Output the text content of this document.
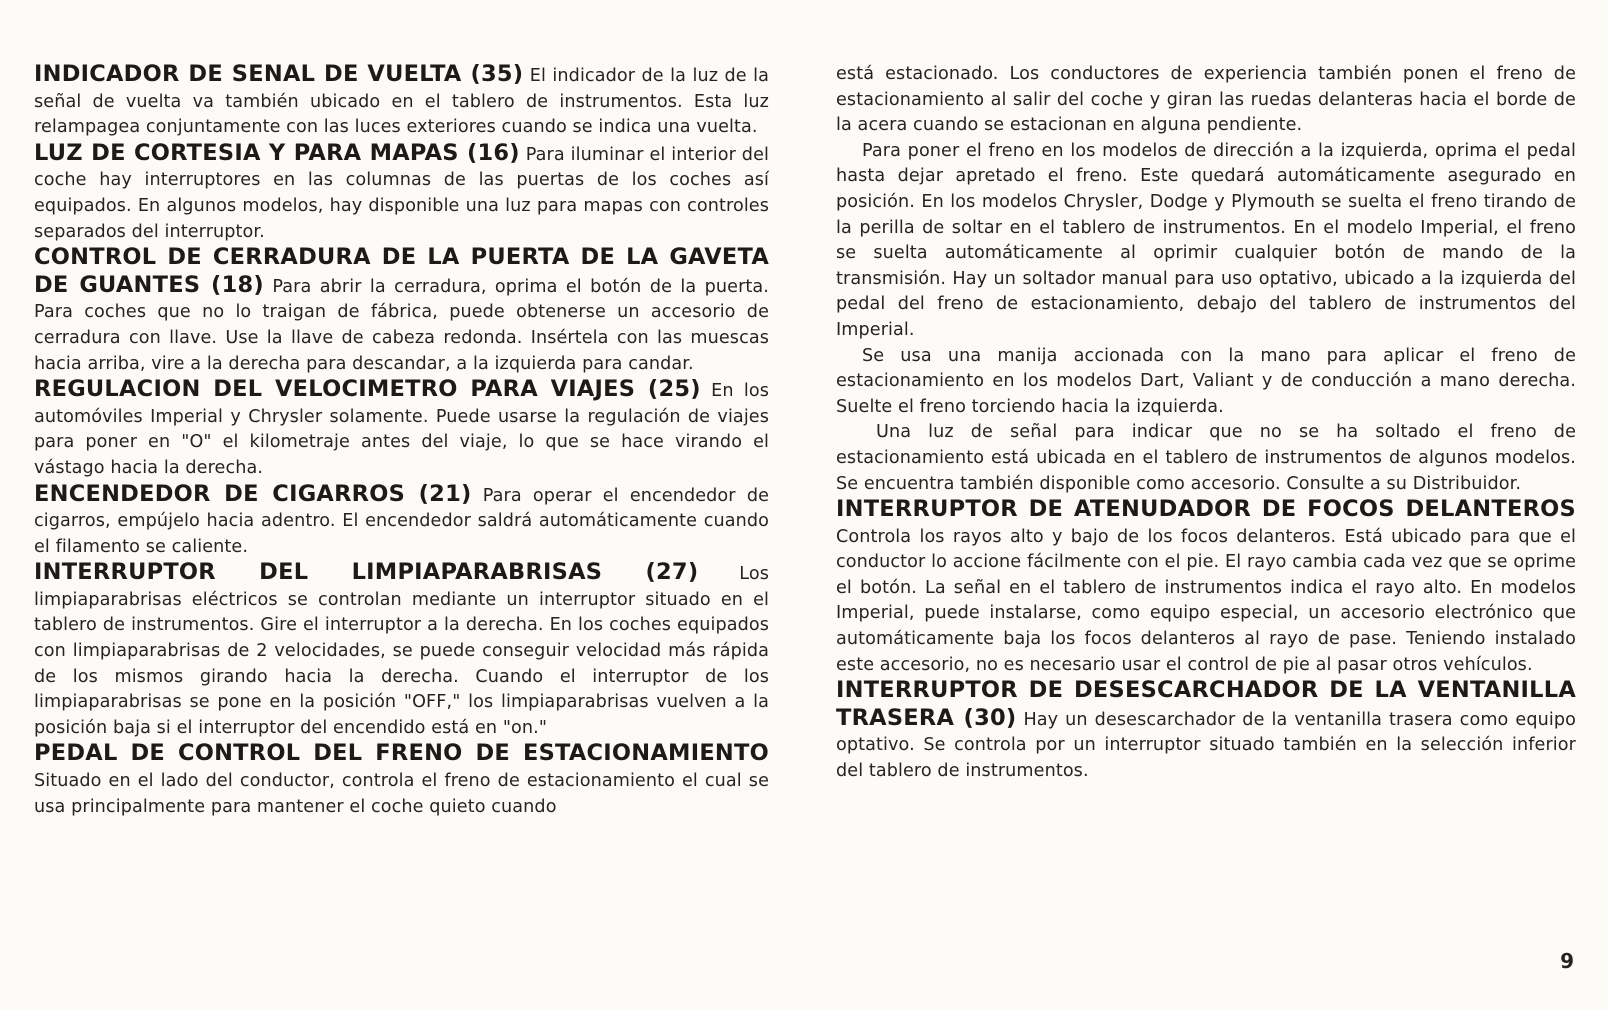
INDICADOR DE SENAL DE VUELTA (35) El indicador de la luz de la señal de vuelta va también ubicado en el tablero de instrumentos. Esta luz relampagea conjuntamente con las luces exteriores cuando se indica una vuelta.

LUZ DE CORTESIA Y PARA MAPAS (16) Para iluminar el interior del coche hay interruptores en las columnas de las puertas de los coches así equipados. En algunos modelos, hay disponible una luz para mapas con controles separados del interruptor.

CONTROL DE CERRADURA DE LA PUERTA DE LA GAVETA DE GUANTES (18) Para abrir la cerradura, oprima el botón de la puerta. Para coches que no lo traigan de fábrica, puede obtenerse un accesorio de cerradura con llave. Use la llave de cabeza redonda. Insértela con las muescas hacia arriba, vire a la derecha para descandar, a la izquierda para candar.

REGULACION DEL VELOCIMETRO PARA VIAJES (25) En los automóviles Imperial y Chrysler solamente. Puede usarse la regulación de viajes para poner en "O" el kilometraje antes del viaje, lo que se hace virando el vástago hacia la derecha.

ENCENDEDOR DE CIGARROS (21) Para operar el encendedor de cigarros, empújelo hacia adentro. El encendedor saldrá automáticamente cuando el filamento se caliente.

INTERRUPTOR DEL LIMPIAPARABRISAS (27) Los limpiaparabrisas eléctricos se controlan mediante un interruptor situado en el tablero de instrumentos. Gire el interruptor a la derecha. En los coches equipados con limpiaparabrisas de 2 velocidades, se puede conseguir velocidad más rápida de los mismos girando hacia la derecha. Cuando el interruptor de los limpiaparabrisas se pone en la posición "OFF," los limpiaparabrisas vuelven a la posición baja si el interruptor del encendido está en "on."

PEDAL DE CONTROL DEL FRENO DE ESTACIONAMIENTO Situado en el lado del conductor, controla el freno de estacionamiento el cual se usa principalmente para mantener el coche quieto cuando

está estacionado. Los conductores de experiencia también ponen el freno de estacionamiento al salir del coche y giran las ruedas delanteras hacia el borde de la acera cuando se estacionan en alguna pendiente.

Para poner el freno en los modelos de dirección a la izquierda, oprima el pedal hasta dejar apretado el freno. Este quedará automáticamente asegurado en posición. En los modelos Chrysler, Dodge y Plymouth se suelta el freno tirando de la perilla de soltar en el tablero de instrumentos. En el modelo Imperial, el freno se suelta automáticamente al oprimir cualquier botón de mando de la transmisión. Hay un soltador manual para uso optativo, ubicado a la izquierda del pedal del freno de estacionamiento, debajo del tablero de instrumentos del Imperial.

Se usa una manija accionada con la mano para aplicar el freno de estacionamiento en los modelos Dart, Valiant y de conducción a mano derecha. Suelte el freno torciendo hacia la izquierda.

Una luz de señal para indicar que no se ha soltado el freno de estacionamiento está ubicada en el tablero de instrumentos de algunos modelos. Se encuentra también disponible como accesorio. Consulte a su Distribuidor.

INTERRUPTOR DE ATENUDADOR DE FOCOS DELANTEROS Controla los rayos alto y bajo de los focos delanteros. Está ubicado para que el conductor lo accione fácilmente con el pie. El rayo cambia cada vez que se oprime el botón. La señal en el tablero de instrumentos indica el rayo alto. En modelos Imperial, puede instalarse, como equipo especial, un accesorio electrónico que automáticamente baja los focos delanteros al rayo de pase. Teniendo instalado este accesorio, no es necesario usar el control de pie al pasar otros vehículos.

INTERRUPTOR DE DESESCARCHADOR DE LA VENTANILLA TRASERA (30) Hay un desescarchador de la ventanilla trasera como equipo optativo. Se controla por un interruptor situado también en la selección inferior del tablero de instrumentos.

9
